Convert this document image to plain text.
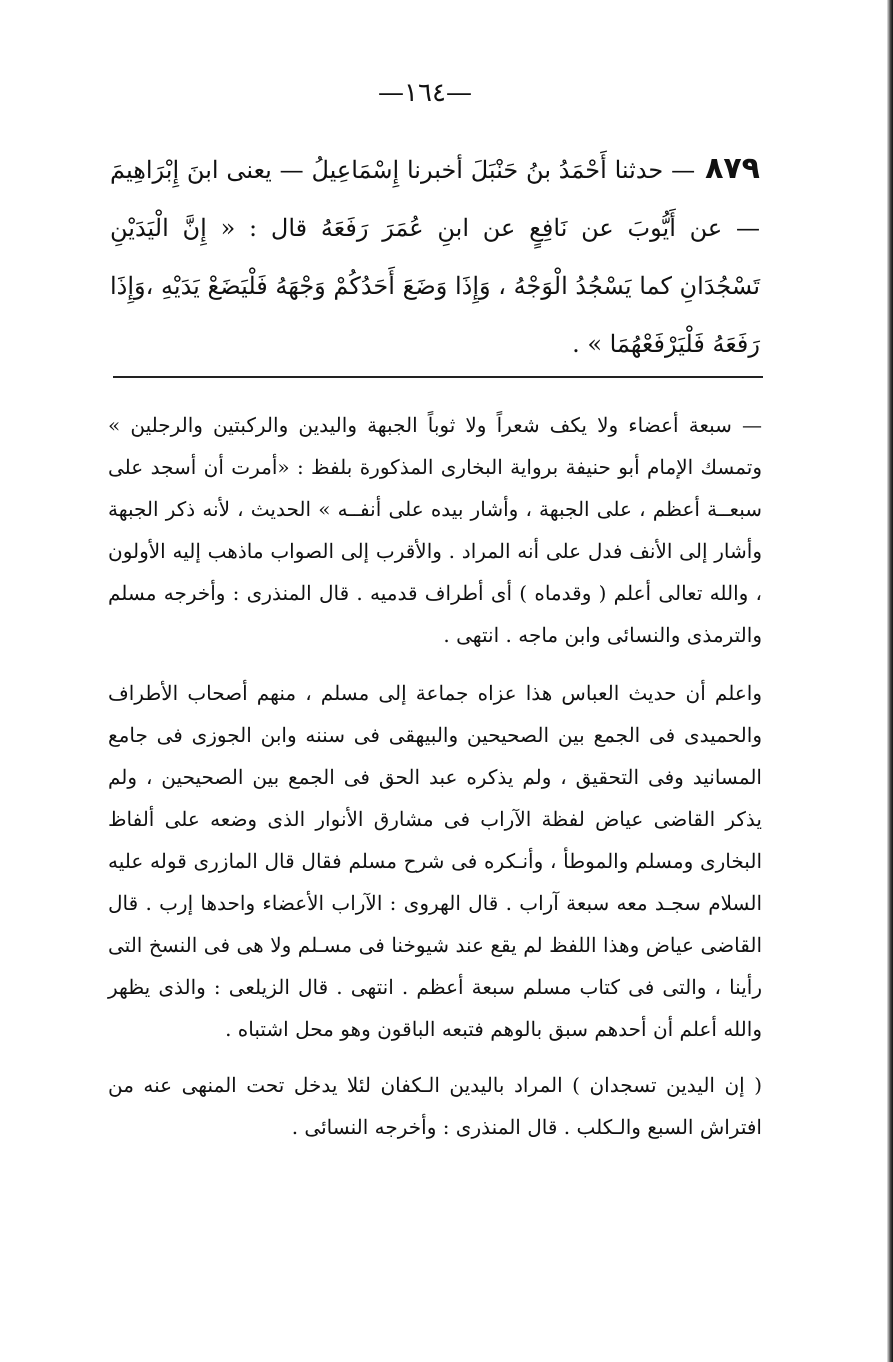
—١٦٤—
٨٧٩— حدثنا أَحْمَدُ بنُ حَنْبَلَ أخبرنا إِسْمَاعِيلُ — يعنى ابنَ إِبْرَاهِيمَ — عن أَيُّوبَ عن نَافِعٍ عن ابنِ عُمَرَ رَفَعَهُ قال : « إِنَّ الْيَدَيْنِ تَسْجُدَانِ كما يَسْجُدُ الْوَجْهُ ، وَإِذَا وَضَعَ أَحَدُكُمْ وَجْهَهُ فَلْيَضَعْ يَدَيْهِ ،وَإِذَا رَفَعَهُ فَلْيَرْفَعْهُمَا » .

— سبعة أعضاء ولا يكف شعراً ولا ثوباً الجبهة واليدين والركبتين والرجلين » وتمسك الإمام أبو حنيفة برواية البخارى المذكورة بلفظ : «أمرت أن أسجد على سبعــة أعظم ، على الجبهة ، وأشار بيده على أنفــه » الحديث ، لأنه ذكر الجبهة وأشار إلى الأنف فدل على أنه المراد . والأقرب إلى الصواب ماذهب إليه الأولون ، والله تعالى أعلم ( وقدماه ) أى أطراف قدميه . قال المنذرى : وأخرجه مسلم والترمذى والنسائى وابن ماجه . انتهى .

واعلم أن حديث العباس هذا عزاه جماعة إلى مسلم ، منهم أصحاب الأطراف والحميدى فى الجمع بين الصحيحين والبيهقى فى سننه وابن الجوزى فى جامع المسانيد وفى التحقيق ، ولم يذكره عبد الحق فى الجمع بين الصحيحين ، ولم يذكر القاضى عياض لفظة الآراب فى مشارق الأنوار الذى وضعه على ألفاظ البخارى ومسلم والموطأ ، وأنـكره فى شرح مسلم فقال قال المازرى قوله عليه السلام سجـد معه سبعة آراب . قال الهروى : الآراب الأعضاء واحدها إرب . قال القاضى عياض وهذا اللفظ لم يقع عند شيوخنا فى مسـلم ولا هى فى النسخ التى رأينا ، والتى فى كتاب مسلم سبعة أعظم . انتهى . قال الزيلعى : والذى يظهر والله أعلم أن أحدهم سبق بالوهم فتبعه الباقون وهو محل اشتباه .

( إن اليدين تسجدان ) المراد باليدين الـكفان لئلا يدخل تحت المنهى عنه من افتراش السبع والـكلب . قال المنذرى : وأخرجه النسائى .
